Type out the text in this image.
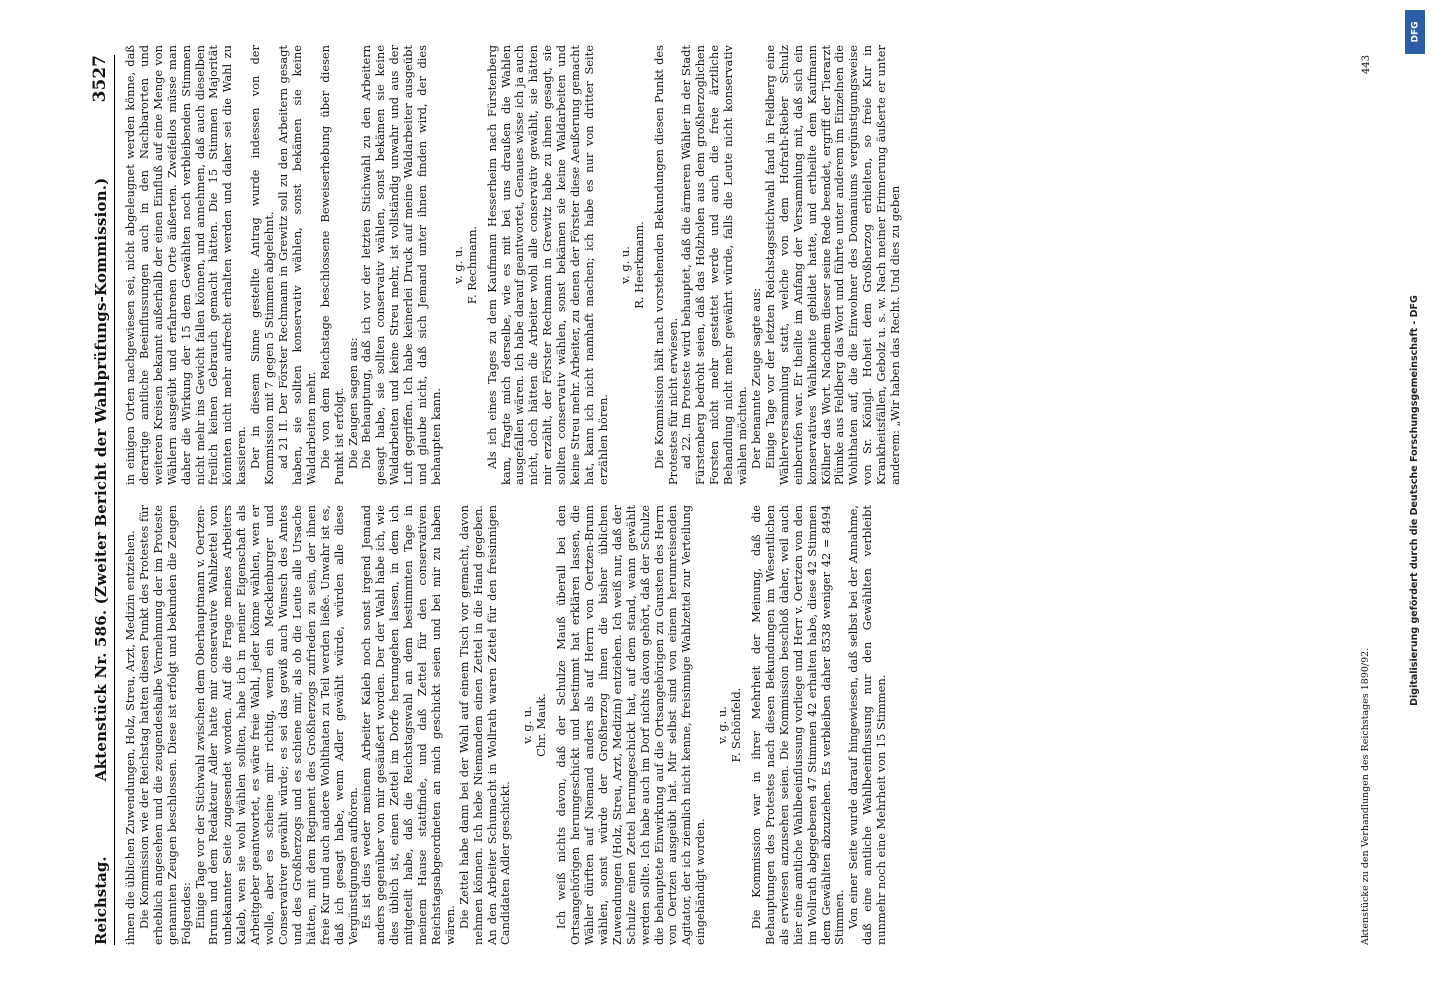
Reichstag.
Aktenstück Nr. 586. (Zweiter Bericht der Wahlprüfungs-Kommission.)
3527

ihnen die üblichen Zuwendungen, Holz, Streu, Arzt, Medizin entziehen. Die Kommission wie der Reichstag hatten diesen Punkt des Protestes für erheblich angesehen und die zeugendeshalbe Vernehmung der im Proteste genannten Zeugen beschlossen. Diese ist erfolgt und bekunden die Zeugen Folgendes: Einige Tage vor der Stichwahl zwischen dem Oberhauptmann v. Oertzen-Brunn und dem Redakteur Adler hatte mir conservative Wahlzettel von unbekannter Seite zugesendet worden. Auf die Frage meines Arbeiters Kaleb, wen sie wohl wählen sollten, habe ich in meiner Eigenschaft als Arbeitgeber geantwortet, es wäre freie Wahl, jeder könne wählen, wen er wolle, aber es scheine mir richtig, wenn ein Mecklenburger und Conservativer gewählt würde; es sei das gewiß auch Wunsch des Amtes und des Großherzogs und es schiene mir, als ob die Leute alle Ursache hätten, mit dem Regiment des Großherzogs zufrieden zu sein, der ihnen freie Kur und auch andere Wohlthaten zu Teil werden ließe. Unwahr ist es, daß ich gesagt habe, wenn Adler gewählt würde, würden alle diese Vergünstigungen aufhören. Es ist dies weder meinem Arbeiter Kaleb noch sonst irgend Jemand anders gegenüber von mir gesäußert worden. Der der Wahl habe ich, wie dies üblich ist, einen Zettel im Dorfe herumgehen lassen, in dem ich mitgeteilt habe, daß die Reichstagswahl an dem bestimmten Tage in meinem Hause stattfinde, und daß Zettel für den conservativen Reichstagsabgeordneten an mich geschickt seien und bei mir zu haben wären. Die Zettel habe dann bei der Wahl auf einem Tisch vor gemacht, davon nehmen können. Ich hebe Niemandem einen Zettel in die Hand gegeben. An den Arbeiter Schumacht in Wollrath waren Zettel für den freisinnigen Candidaten Adler geschickt.

v. g. u. Chr. Mauk. Ich weiß nichts davon, daß der Schulze Mauß überall bei den Ortsangehörigen herumgeschickt und bestimmt hat erklären lassen, die Wähler dürften auf Niemand anders als auf Herrn von Oertzen-Brunn wählen, sonst würde der Großherzog ihnen die bisher üblichen Zuwendungen (Holz, Streu, Arzt, Medizin) entziehen. Ich weiß nur, daß der Schulze einen Zettel herumgeschickt hat, auf dem stand, wann gewählt werden sollte. Ich habe auch im Dorf nichts davon gehört, daß der Schulze die behauptete Einwirkung auf die Ortsangehörigen zu Gunsten des Herrn von Oertzen ausgeübt hat. Mir selbst sind von einem herumreisenden Agitator, der ich ziemlich nicht kenne, freisinnige Wahlzettel zur Verteilung eingehändigt worden.

v. g. u. F. Schönfeld. Die Kommission war in ihrer Mehrheit der Meinung, daß die Behauptungen des Protestes nach diesen Bekundungen im Wesentlichen als erwiesen anzusehen seien. Die Kommission beschloß daher, weil auch hier eine amtliche Wahlbeeinflussung vorliege und Herr v. Oertzen von den im Wollrath abgegebenen 47 Stimmen 42 erhalten habe, diese 42 Stimmen dem Gewählten abzuziehen. Es verbleiben daher 8538 weniger 42 = 8494 Stimmen. Von einer Seite wurde darauf hingewiesen, daß selbst bei der Annahme, daß eine amtliche Wahlbeeinflussung nur den Gewählten verbleibt nunmehr noch eine Mehrheit von 15 Stimmen.

in einigen Orten nachgewiesen sei, nicht abgeleugnet werden könne, daß derartige amtliche Beeinflussungen auch in den Nachbarorten und weiteren Kreisen bekannt außerhalb der einen Einfluß auf eine Menge von Wählern ausgeübt und erfahrenen Orte äußerten. Zweifellos müsse man daher die Wirkung der 15 dem Gewählten noch verbleibenden Stimmen nicht mehr ins Gewicht fallen können, und annehmen, daß auch dieselben freilich keinen Gebrauch gemacht hätten. Die 15 Stimmen Majorität könnten nicht mehr aufrecht erhalten werden und daher sei die Wahl zu kassieren. Der in diesem Sinne gestellte Antrag wurde indessen von der Kommission mit 7 gegen 5 Stimmen abgelehnt. ad 21 II. Der Förster Rechmann in Grewitz soll zu den Arbeitern gesagt haben, sie sollten konservativ wählen, sonst bekämen sie keine Waldarbeiten mehr. Die von dem Reichstage beschlossene Beweiserhebung über diesen Punkt ist erfolgt. Die Zeugen sagen aus: Die Behauptung, daß ich vor der letzten Stichwahl zu den Arbeitern gesagt habe, sie sollten conservativ wählen, sonst bekämen sie keine Waldarbeiten und keine Streu mehr, ist vollständig unwahr und aus der Luft gegriffen. Ich habe keinerlei Druck auf meine Waldarbeiter ausgeübt und glaube nicht, daß sich Jemand unter ihnen finden wird, der dies behaupten kann.

v. g. u. F. Rechmann. Als ich eines Tages zu dem Kaufmann Hesserheim nach Fürstenberg kam, fragte mich derselbe, wie es mit bei uns draußen die Wahlen ausgefallen wären. Ich habe darauf geantwortet, Genaues wisse ich ja auch nicht, doch hätten die Arbeiter wohl alle conservativ gewählt, sie hätten mir erzählt, der Förster Rechmann in Grewitz habe zu ihnen gesagt, sie sollten conservativ wählen, sonst bekämen sie keine Waldarbeiten und keine Streu mehr. Arbeiter, zu denen der Förster diese Aeußerung gemacht hat, kann ich nicht namhaft machen; ich habe es nur von dritter Seite erzählen hören.

v. g. u. R. Heerkmann. Die Kommission hält nach vorstehenden Bekundungen diesen Punkt des Protestes für nicht erwiesen. ad 22. Im Proteste wird behauptet, daß die ärmeren Wähler in der Stadt Fürstenberg bedroht seien, daß das Holzholen aus dem großherzoglichen Forsten nicht mehr gestattet werde und auch die freie ärztliche Behandlung nicht mehr gewährt würde, falls die Leute nicht konservativ wählen möchten. Der benannte Zeuge sagte aus: Einige Tage vor der letzten Reichstagsstichwahl fand in Feldberg eine Wählerversammlung statt, welche von dem Hofrath-Rieber Schulz einberufen war. Er theilte im Anfang der Versammlung mit, daß sich ein konservatives Wahlkomite gebildet hatte, und ertheilte dem Kaufmann Köllner das Wort. Nachdem dieser seine Rede beendet, ergriff der Tierarzt Plümke aus Feldberg das Wort und führte unter anderem im Einzelnen die Wohlthaten auf, die die Einwohner des Domaniums vergünstigungsweise von Sr. Königl. Hoheit dem Großherzog erhielten, so freie Kur in Krankheitsfällen, Gebolz u. s. w. Nach meiner Erinnerung äußerte er unter anderem: „Wir haben das Recht. Und dies zu geben

Aktenstücke zu den Verhandlungen des Reichstages 1890/92.
443
DFG
Digitalisierung gefördert durch die Deutsche Forschungsgemeinschaft - DFG
